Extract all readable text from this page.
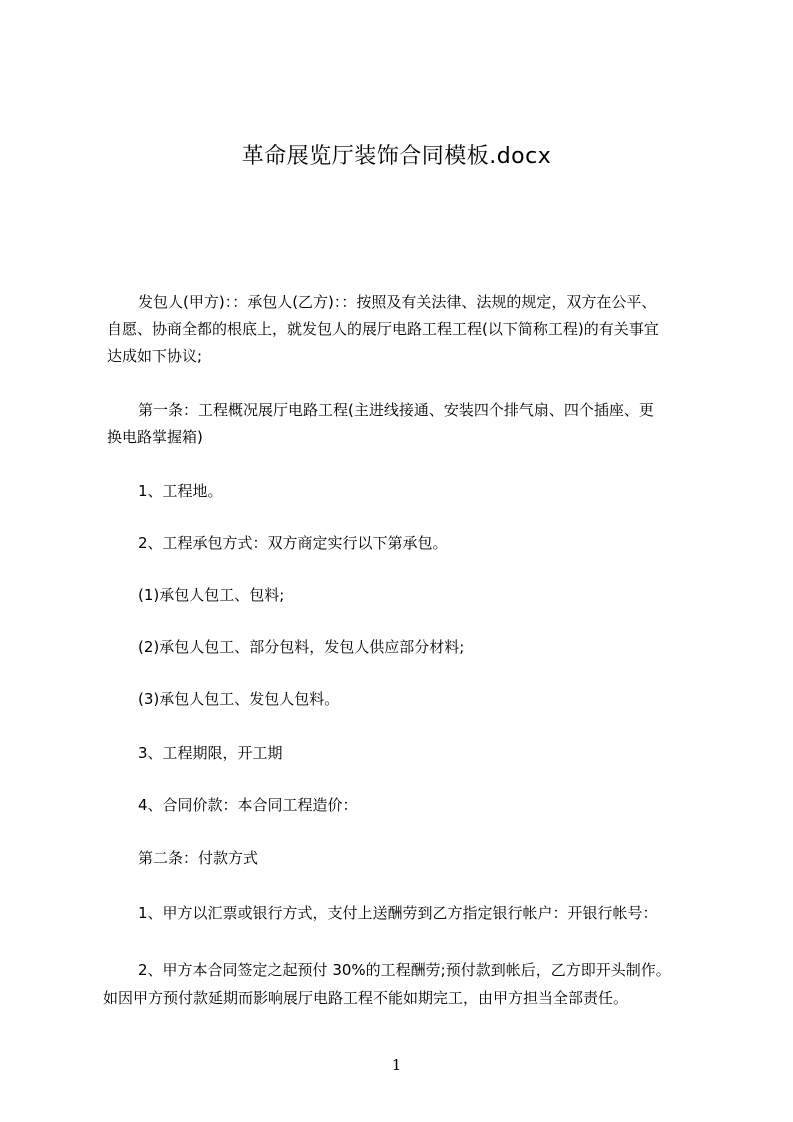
革命展览厅装饰合同模板.docx
发包人(甲方)：：承包人(乙方)：：按照及有关法律、法规的规定，双方在公平、
自愿、协商全都的根底上，就发包人的展厅电路工程工程(以下简称工程)的有关事宜
达成如下协议;
第一条：工程概况展厅电路工程(主进线接通、安装四个排气扇、四个插座、更
换电路掌握箱)
1、工程地。
2、工程承包方式：双方商定实行以下第承包。
(1)承包人包工、包料;
(2)承包人包工、部分包料，发包人供应部分材料;
(3)承包人包工、发包人包料。
3、工程期限，开工期
4、合同价款：本合同工程造价：
第二条：付款方式
1、甲方以汇票或银行方式，支付上送酬劳到乙方指定银行帐户：开银行帐号：
2、甲方本合同签定之起预付 30%的工程酬劳;预付款到帐后，乙方即开头制作。
如因甲方预付款延期而影响展厅电路工程不能如期完工，由甲方担当全部责任。
1
